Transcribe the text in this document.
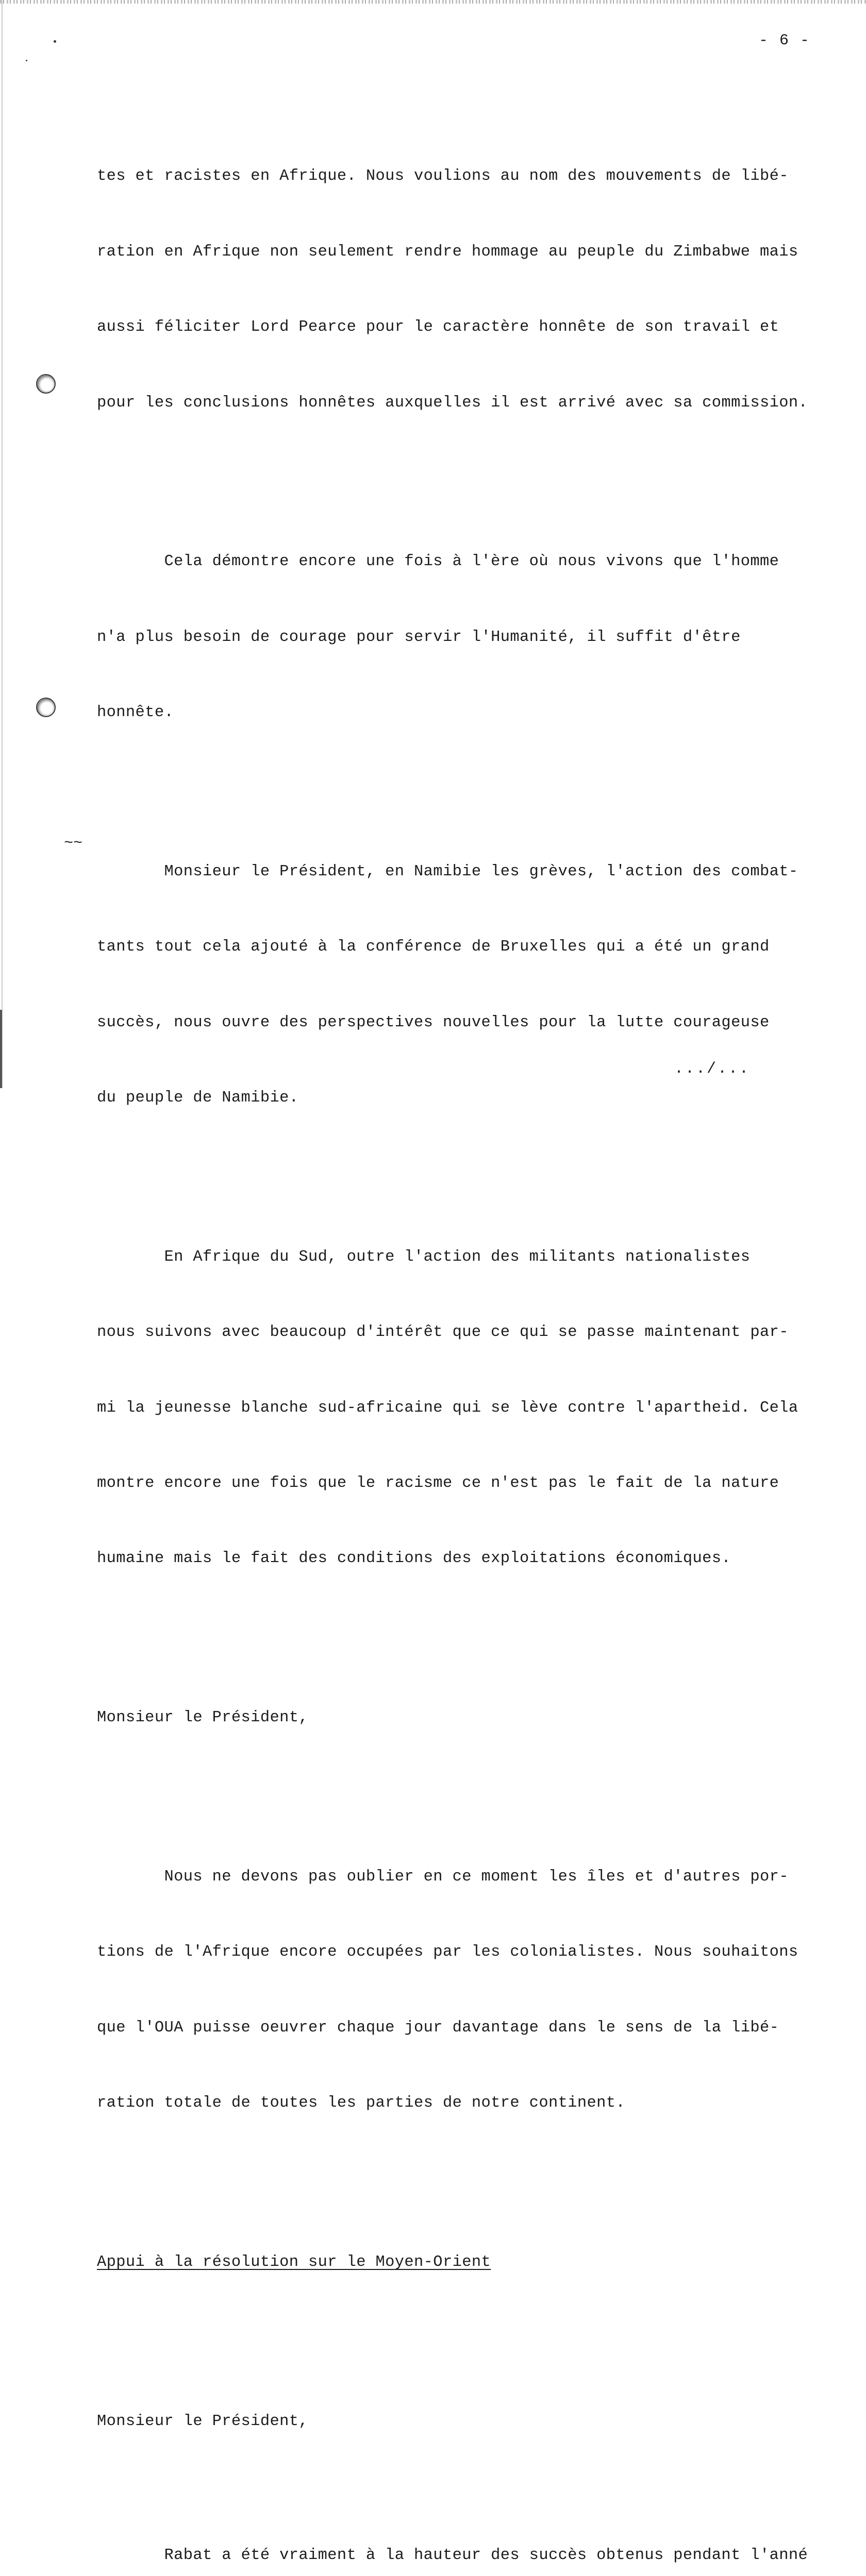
- 6 -

tes et racistes en Afrique. Nous voulions au nom des mouvements de libé-

ration en Afrique non seulement rendre hommage au peuple du Zimbabwe mais

aussi féliciter Lord Pearce pour le caractère honnête de son travail et

pour les conclusions honnêtes auxquelles il est arrivé avec sa commission.

Cela démontre encore une fois à l'ère où nous vivons que l'homme

n'a plus besoin de courage pour servir l'Humanité, il suffit d'être

honnête.

Monsieur le Président, en Namibie les grèves, l'action des combat-

tants tout cela ajouté à la conférence de Bruxelles qui a été un grand

succès, nous ouvre des perspectives nouvelles pour la lutte courageuse

du peuple de Namibie.

En Afrique du Sud, outre l'action des militants nationalistes

nous suivons avec beaucoup d'intérêt que ce qui se passe maintenant par-

mi la jeunesse blanche sud-africaine qui se lève contre l'apartheid. Cela

montre encore une fois que le racisme ce n'est pas le fait de la nature

humaine mais le fait des conditions des exploitations économiques.

Monsieur le Président,

Nous ne devons pas oublier en ce moment les îles et d'autres por-

tions de l'Afrique encore occupées par les colonialistes. Nous souhaitons

que l'OUA puisse oeuvrer chaque jour davantage dans le sens de la libé-

ration totale de toutes les parties de notre continent.

Appui à la résolution sur le Moyen-Orient

Monsieur le Président,

Rabat a été vraiment à la hauteur des succès obtenus pendant l'anné

~~
.../...
